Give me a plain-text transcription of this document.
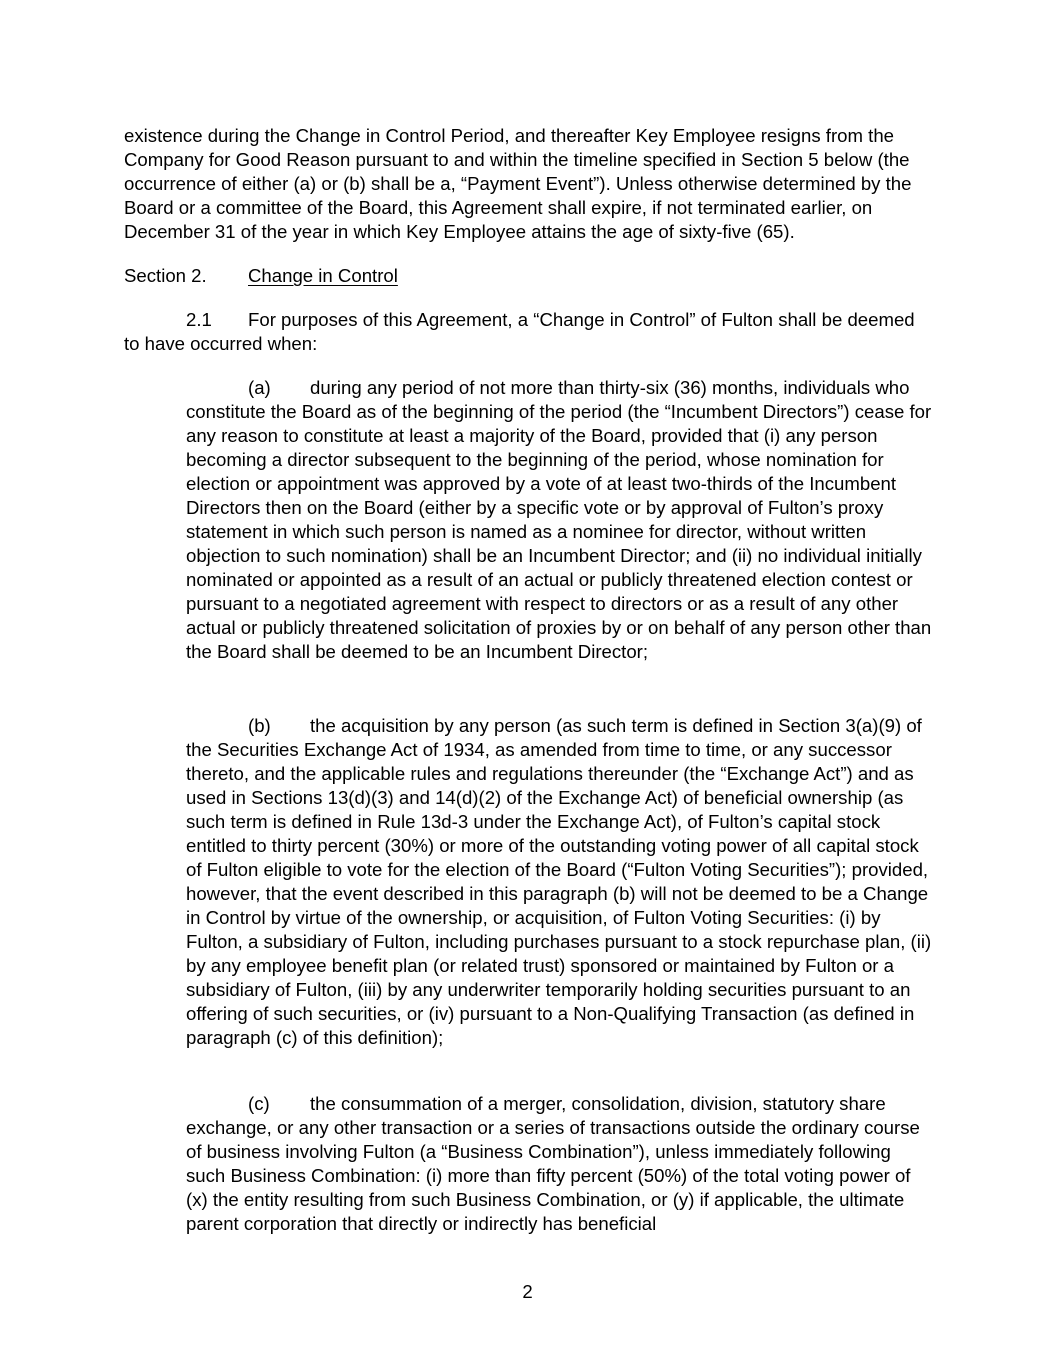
existence during the Change in Control Period, and thereafter Key Employee resigns from the Company for Good Reason pursuant to and within the timeline specified in Section 5 below (the occurrence of either (a) or (b) shall be a, “Payment Event”). Unless otherwise determined by the Board or a committee of the Board, this Agreement shall expire, if not terminated earlier, on December 31 of the year in which Key Employee attains the age of sixty-five (65).

Section 2. Change in Control

2.1 For purposes of this Agreement, a “Change in Control” of Fulton shall be deemed to have occurred when:

(a) during any period of not more than thirty-six (36) months, individuals who constitute the Board as of the beginning of the period (the “Incumbent Directors”) cease for any reason to constitute at least a majority of the Board, provided that (i) any person becoming a director subsequent to the beginning of the period, whose nomination for election or appointment was approved by a vote of at least two-thirds of the Incumbent Directors then on the Board (either by a specific vote or by approval of Fulton’s proxy statement in which such person is named as a nominee for director, without written objection to such nomination) shall be an Incumbent Director; and (ii) no individual initially nominated or appointed as a result of an actual or publicly threatened election contest or pursuant to a negotiated agreement with respect to directors or as a result of any other actual or publicly threatened solicitation of proxies by or on behalf of any person other than the Board shall be deemed to be an Incumbent Director;

(b) the acquisition by any person (as such term is defined in Section 3(a)(9) of the Securities Exchange Act of 1934, as amended from time to time, or any successor thereto, and the applicable rules and regulations thereunder (the “Exchange Act”) and as used in Sections 13(d)(3) and 14(d)(2) of the Exchange Act) of beneficial ownership (as such term is defined in Rule 13d-3 under the Exchange Act), of Fulton’s capital stock entitled to thirty percent (30%) or more of the outstanding voting power of all capital stock of Fulton eligible to vote for the election of the Board (“Fulton Voting Securities”); provided, however, that the event described in this paragraph (b) will not be deemed to be a Change in Control by virtue of the ownership, or acquisition, of Fulton Voting Securities: (i) by Fulton, a subsidiary of Fulton, including purchases pursuant to a stock repurchase plan, (ii) by any employee benefit plan (or related trust) sponsored or maintained by Fulton or a subsidiary of Fulton, (iii) by any underwriter temporarily holding securities pursuant to an offering of such securities, or (iv) pursuant to a Non-Qualifying Transaction (as defined in paragraph (c) of this definition);

(c) the consummation of a merger, consolidation, division, statutory share exchange, or any other transaction or a series of transactions outside the ordinary course of business involving Fulton (a “Business Combination”), unless immediately following such Business Combination: (i) more than fifty percent (50%) of the total voting power of (x) the entity resulting from such Business Combination, or (y) if applicable, the ultimate parent corporation that directly or indirectly has beneficial

2
